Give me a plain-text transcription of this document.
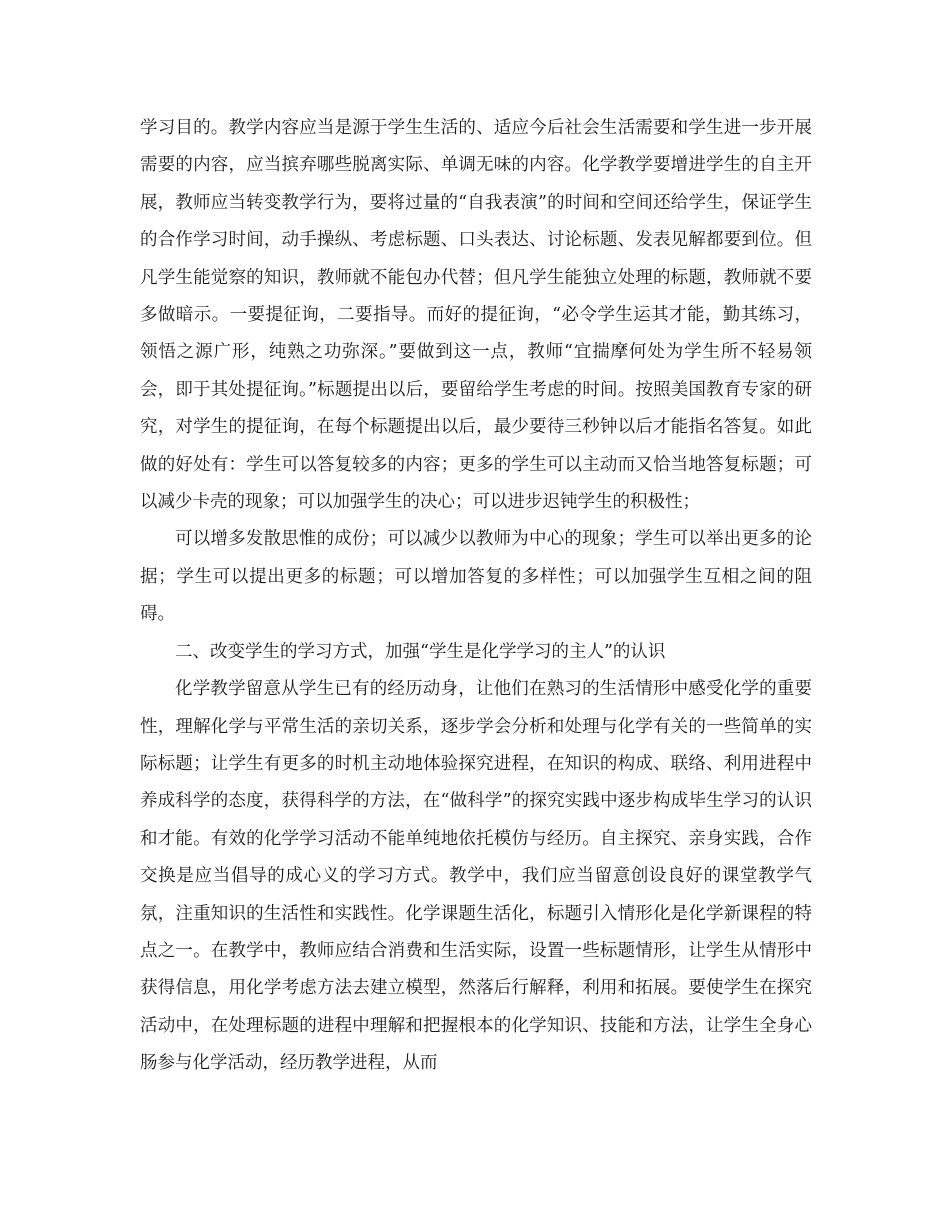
学习目的。教学内容应当是源于学生生活的、适应今后社会生活需要和学生进一步开展需要的内容，应当摈弃哪些脱离实际、单调无味的内容。化学教学要增进学生的自主开展，教师应当转变教学行为，要将过量的“自我表演”的时间和空间还给学生，保证学生的合作学习时间，动手操纵、考虑标题、口头表达、讨论标题、发表见解都要到位。但凡学生能觉察的知识，教师就不能包办代替；但凡学生能独立处理的标题，教师就不要多做暗示。一要提征询，二要指导。而好的提征询，“必令学生运其才能，勤其练习，领悟之源广形，纯熟之功弥深。”要做到这一点，教师“宜揣摩何处为学生所不轻易领会，即于其处提征询。”标题提出以后，要留给学生考虑的时间。按照美国教育专家的研究，对学生的提征询，在每个标题提出以后，最少要待三秒钟以后才能指名答复。如此做的好处有：学生可以答复较多的内容；更多的学生可以主动而又恰当地答复标题；可以减少卡壳的现象；可以加强学生的决心；可以进步迟钝学生的积极性；

可以增多发散思惟的成份；可以减少以教师为中心的现象；学生可以举出更多的论据；学生可以提出更多的标题；可以增加答复的多样性；可以加强学生互相之间的阻碍。

二、改变学生的学习方式，加强“学生是化学学习的主人”的认识

化学教学留意从学生已有的经历动身，让他们在熟习的生活情形中感受化学的重要性，理解化学与平常生活的亲切关系，逐步学会分析和处理与化学有关的一些简单的实际标题；让学生有更多的时机主动地体验探究进程，在知识的构成、联络、利用进程中养成科学的态度，获得科学的方法，在“做科学”的探究实践中逐步构成毕生学习的认识和才能。有效的化学学习活动不能单纯地依托模仿与经历。自主探究、亲身实践，合作交换是应当倡导的成心义的学习方式。教学中，我们应当留意创设良好的课堂教学气氛，注重知识的生活性和实践性。化学课题生活化，标题引入情形化是化学新课程的特点之一。在教学中，教师应结合消费和生活实际，设置一些标题情形，让学生从情形中获得信息，用化学考虑方法去建立模型，然落后行解释，利用和拓展。要使学生在探究活动中，在处理标题的进程中理解和把握根本的化学知识、技能和方法，让学生全身心肠参与化学活动，经历教学进程，从而
